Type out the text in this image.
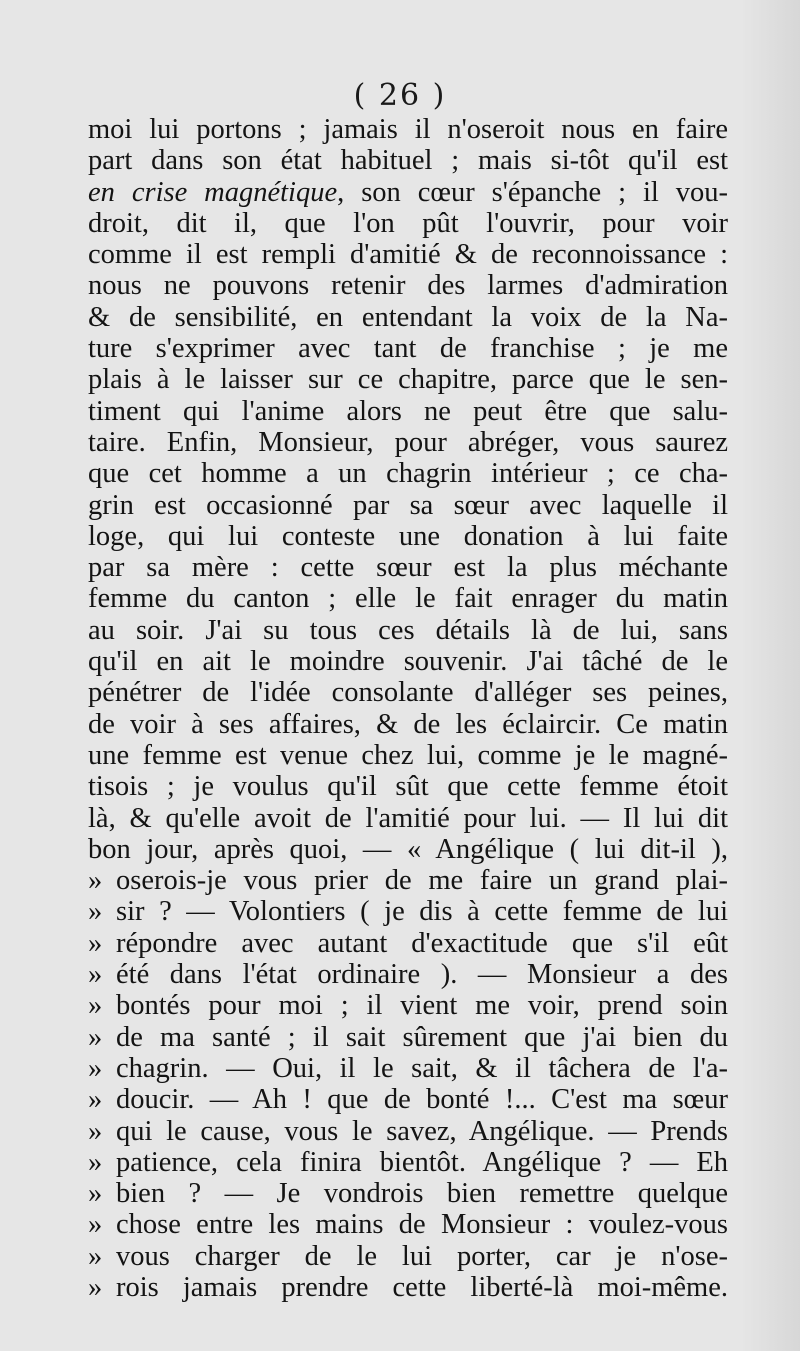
( 26 )
moi lui portons ; jamais il n'oseroit nous en faire
part dans son état habituel ; mais si-tôt qu'il est
en crise magnétique, son cœur s'épanche ; il vou-
droit, dit il, que l'on pût l'ouvrir, pour voir
comme il est rempli d'amitié & de reconnoissance :
nous ne pouvons retenir des larmes d'admiration
& de sensibilité, en entendant la voix de la Na-
ture s'exprimer avec tant de franchise ; je me
plais à le laisser sur ce chapitre, parce que le sen-
timent qui l'anime alors ne peut être que salu-
taire. Enfin, Monsieur, pour abréger, vous saurez
que cet homme a un chagrin intérieur ; ce cha-
grin est occasionné par sa sœur avec laquelle il
loge, qui lui conteste une donation à lui faite
par sa mère : cette sœur est la plus méchante
femme du canton ; elle le fait enrager du matin
au soir. J'ai su tous ces détails là de lui, sans
qu'il en ait le moindre souvenir. J'ai tâché de le
pénétrer de l'idée consolante d'alléger ses peines,
de voir à ses affaires, & de les éclaircir. Ce matin
une femme est venue chez lui, comme je le magné-
tisois ; je voulus qu'il sût que cette femme étoit
là, & qu'elle avoit de l'amitié pour lui. — Il lui dit
bon jour, après quoi, — « Angélique ( lui dit-il ),
» oserois-je vous prier de me faire un grand plai-
» sir ? — Volontiers ( je dis à cette femme de lui
» répondre avec autant d'exactitude que s'il eût
» été dans l'état ordinaire ). — Monsieur a des
» bontés pour moi ; il vient me voir, prend soin
» de ma santé ; il sait sûrement que j'ai bien du
» chagrin. — Oui, il le sait, & il tâchera de l'a-
» doucir. — Ah ! que de bonté !... C'est ma sœur
» qui le cause, vous le savez, Angélique. — Prends
» patience, cela finira bientôt. Angélique ? — Eh
» bien ? — Je vondrois bien remettre quelque
» chose entre les mains de Monsieur : voulez-vous
» vous charger de le lui porter, car je n'ose-
» rois jamais prendre cette liberté-là moi-même.
